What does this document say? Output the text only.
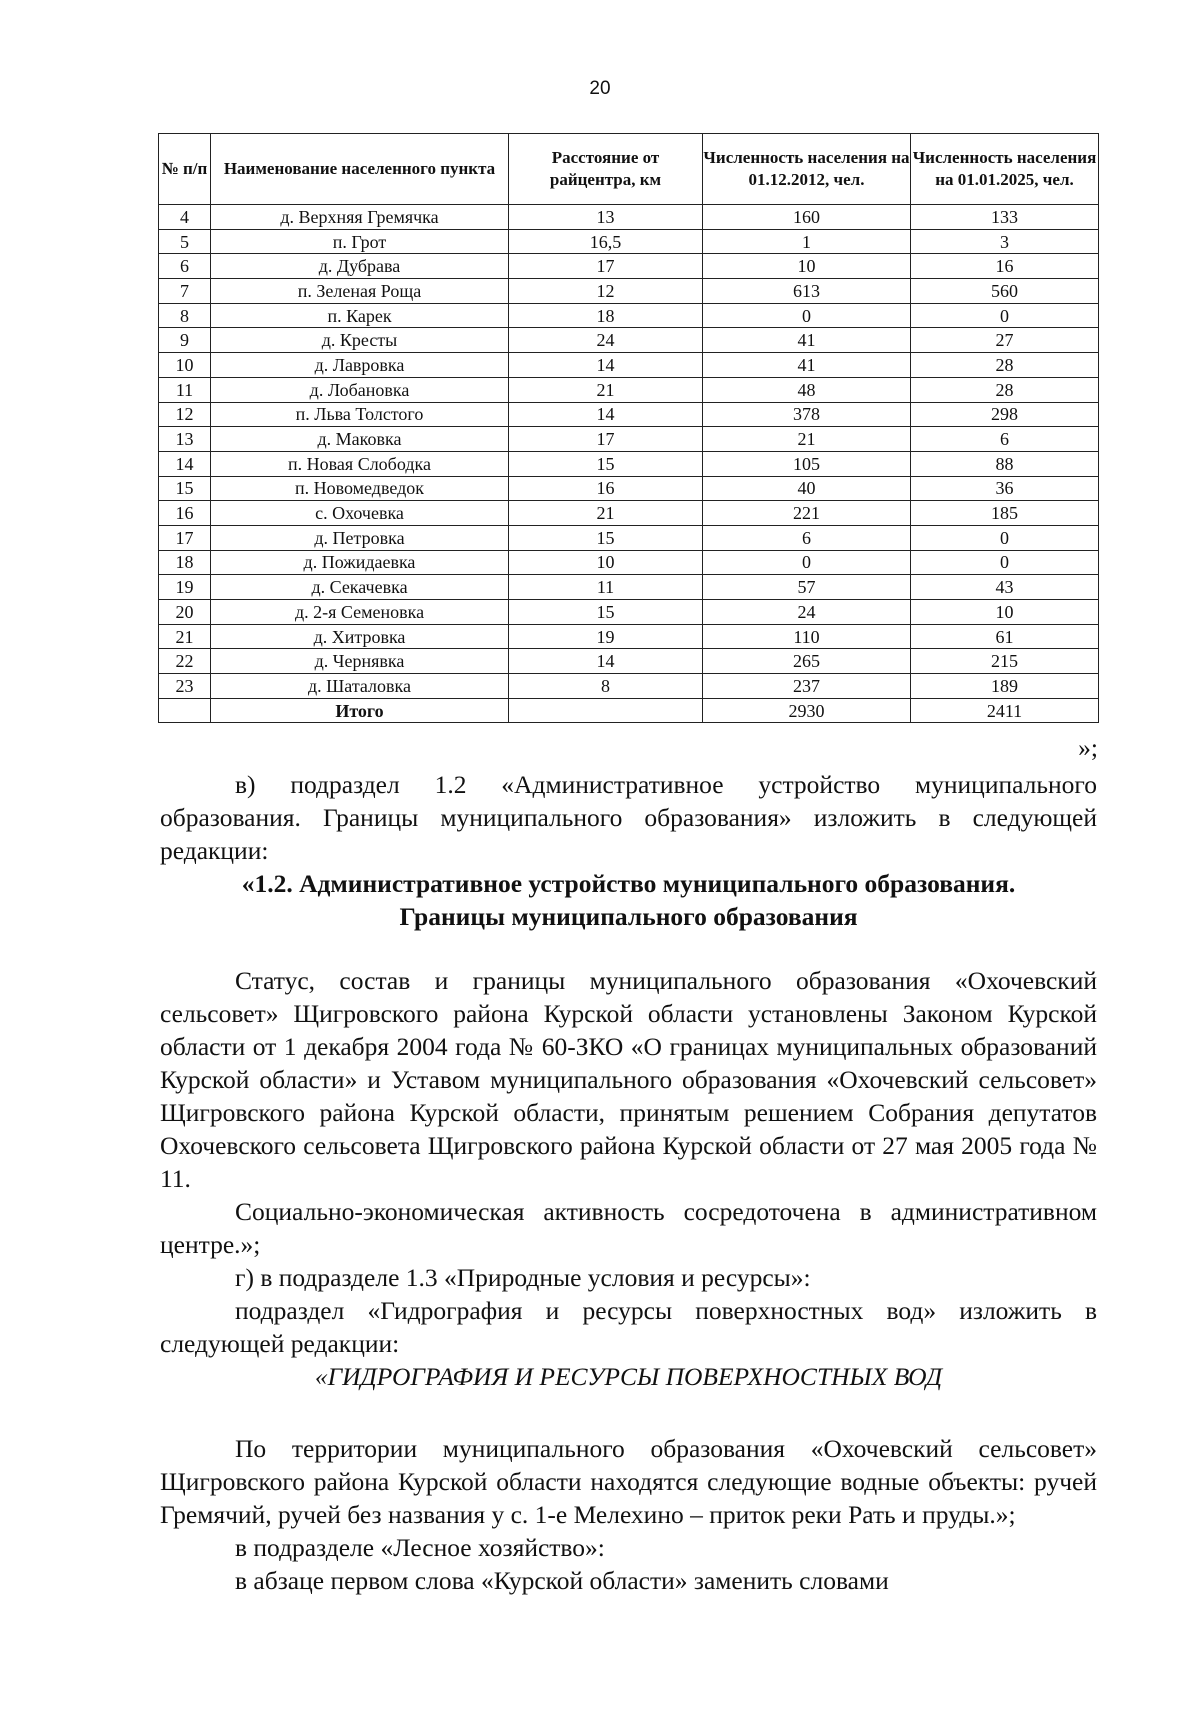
20
№ п/п	Наименование населенного пункта	Расстояние от райцентра, км	Численность населения на 01.12.2012, чел.	Численность населения на 01.01.2025, чел.
4	д. Верхняя Гремячка	13	160	133
5	п. Грот	16,5	1	3
6	д. Дубрава	17	10	16
7	п. Зеленая Роща	12	613	560
8	п. Карек	18	0	0
9	д. Кресты	24	41	27
10	д. Лавровка	14	41	28
11	д. Лобановка	21	48	28
12	п. Льва Толстого	14	378	298
13	д. Маковка	17	21	6
14	п. Новая Слободка	15	105	88
15	п. Новомедведок	16	40	36
16	с. Охочевка	21	221	185
17	д. Петровка	15	6	0
18	д. Пожидаевка	10	0	0
19	д. Секачевка	11	57	43
20	д. 2-я Семеновка	15	24	10
21	д. Хитровка	19	110	61
22	д. Чернявка	14	265	215
23	д. Шаталовка	8	237	189
	Итого		2930	2411
»;

в) подраздел 1.2 «Административное устройство муниципального образования. Границы муниципального образования» изложить в следующей редакции:

«1.2. Административное устройство муниципального образования.

Границы муниципального образования

Статус, состав и границы муниципального образования «Охочевский сельсовет» Щигровского района Курской области установлены Законом Курской области от 1 декабря 2004 года № 60-ЗКО «О границах муниципальных образований Курской области» и Уставом муниципального образования «Охочевский сельсовет» Щигровского района Курской области, принятым решением Собрания депутатов Охочевского сельсовета Щигровского района Курской области от 27 мая 2005 года № 11.

Социально-экономическая активность сосредоточена в административном центре.»;

г) в подразделе 1.3 «Природные условия и ресурсы»:

подраздел «Гидрография и ресурсы поверхностных вод» изложить в следующей редакции:

«ГИДРОГРАФИЯ И РЕСУРСЫ ПОВЕРХНОСТНЫХ ВОД

По территории муниципального образования «Охочевский сельсовет» Щигровского района Курской области находятся следующие водные объекты: ручей Гремячий, ручей без названия у с. 1-е Мелехино – приток реки Рать и пруды.»;

в подразделе «Лесное хозяйство»:

в абзаце первом слова «Курской области» заменить словами
